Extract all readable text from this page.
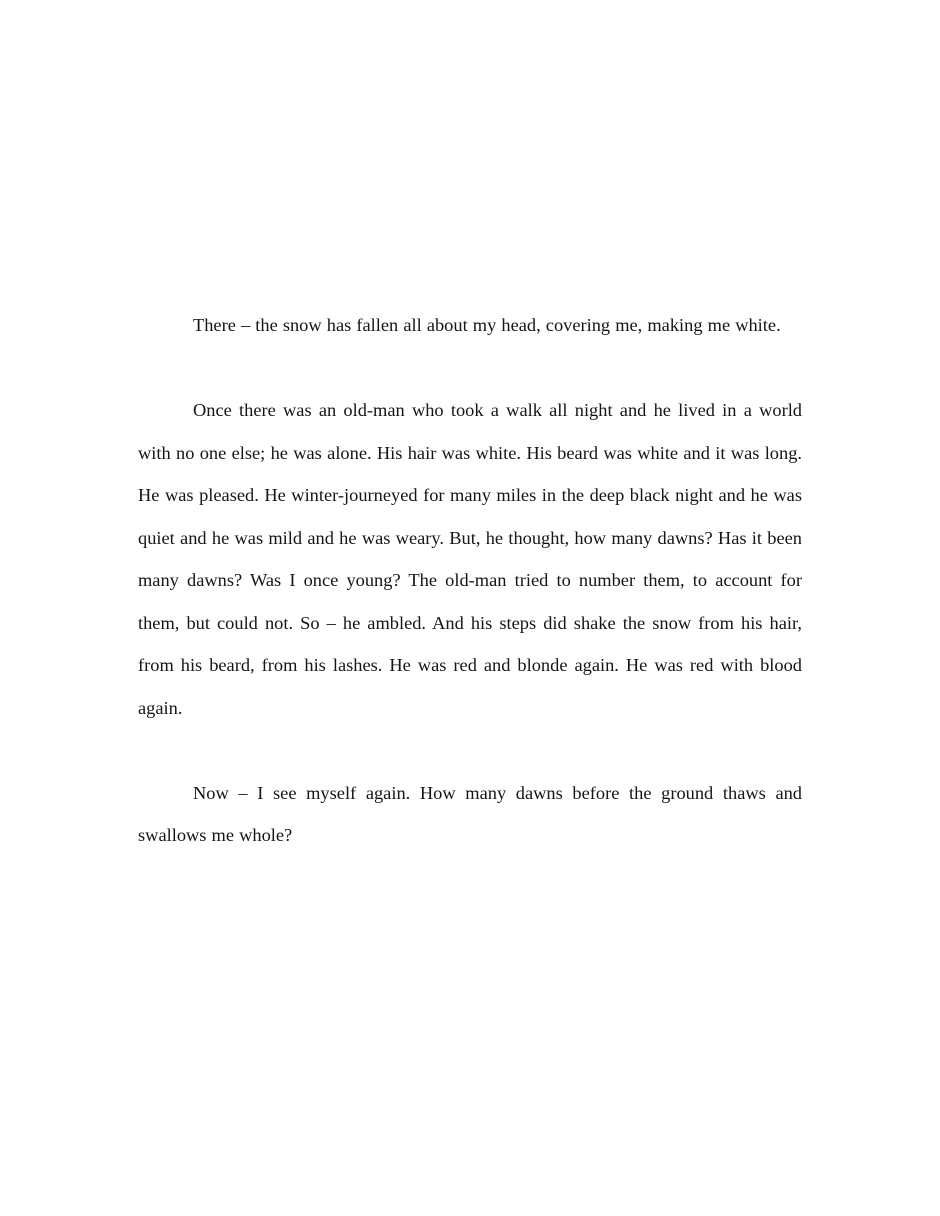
There – the snow has fallen all about my head, covering me, making me white.

Once there was an old-man who took a walk all night and he lived in a world with no one else; he was alone. His hair was white. His beard was white and it was long. He was pleased. He winter-journeyed for many miles in the deep black night and he was quiet and he was mild and he was weary. But, he thought, how many dawns? Has it been many dawns? Was I once young? The old-man tried to number them, to account for them, but could not. So – he ambled. And his steps did shake the snow from his hair, from his beard, from his lashes. He was red and blonde again. He was red with blood again.

Now – I see myself again. How many dawns before the ground thaws and swallows me whole?
